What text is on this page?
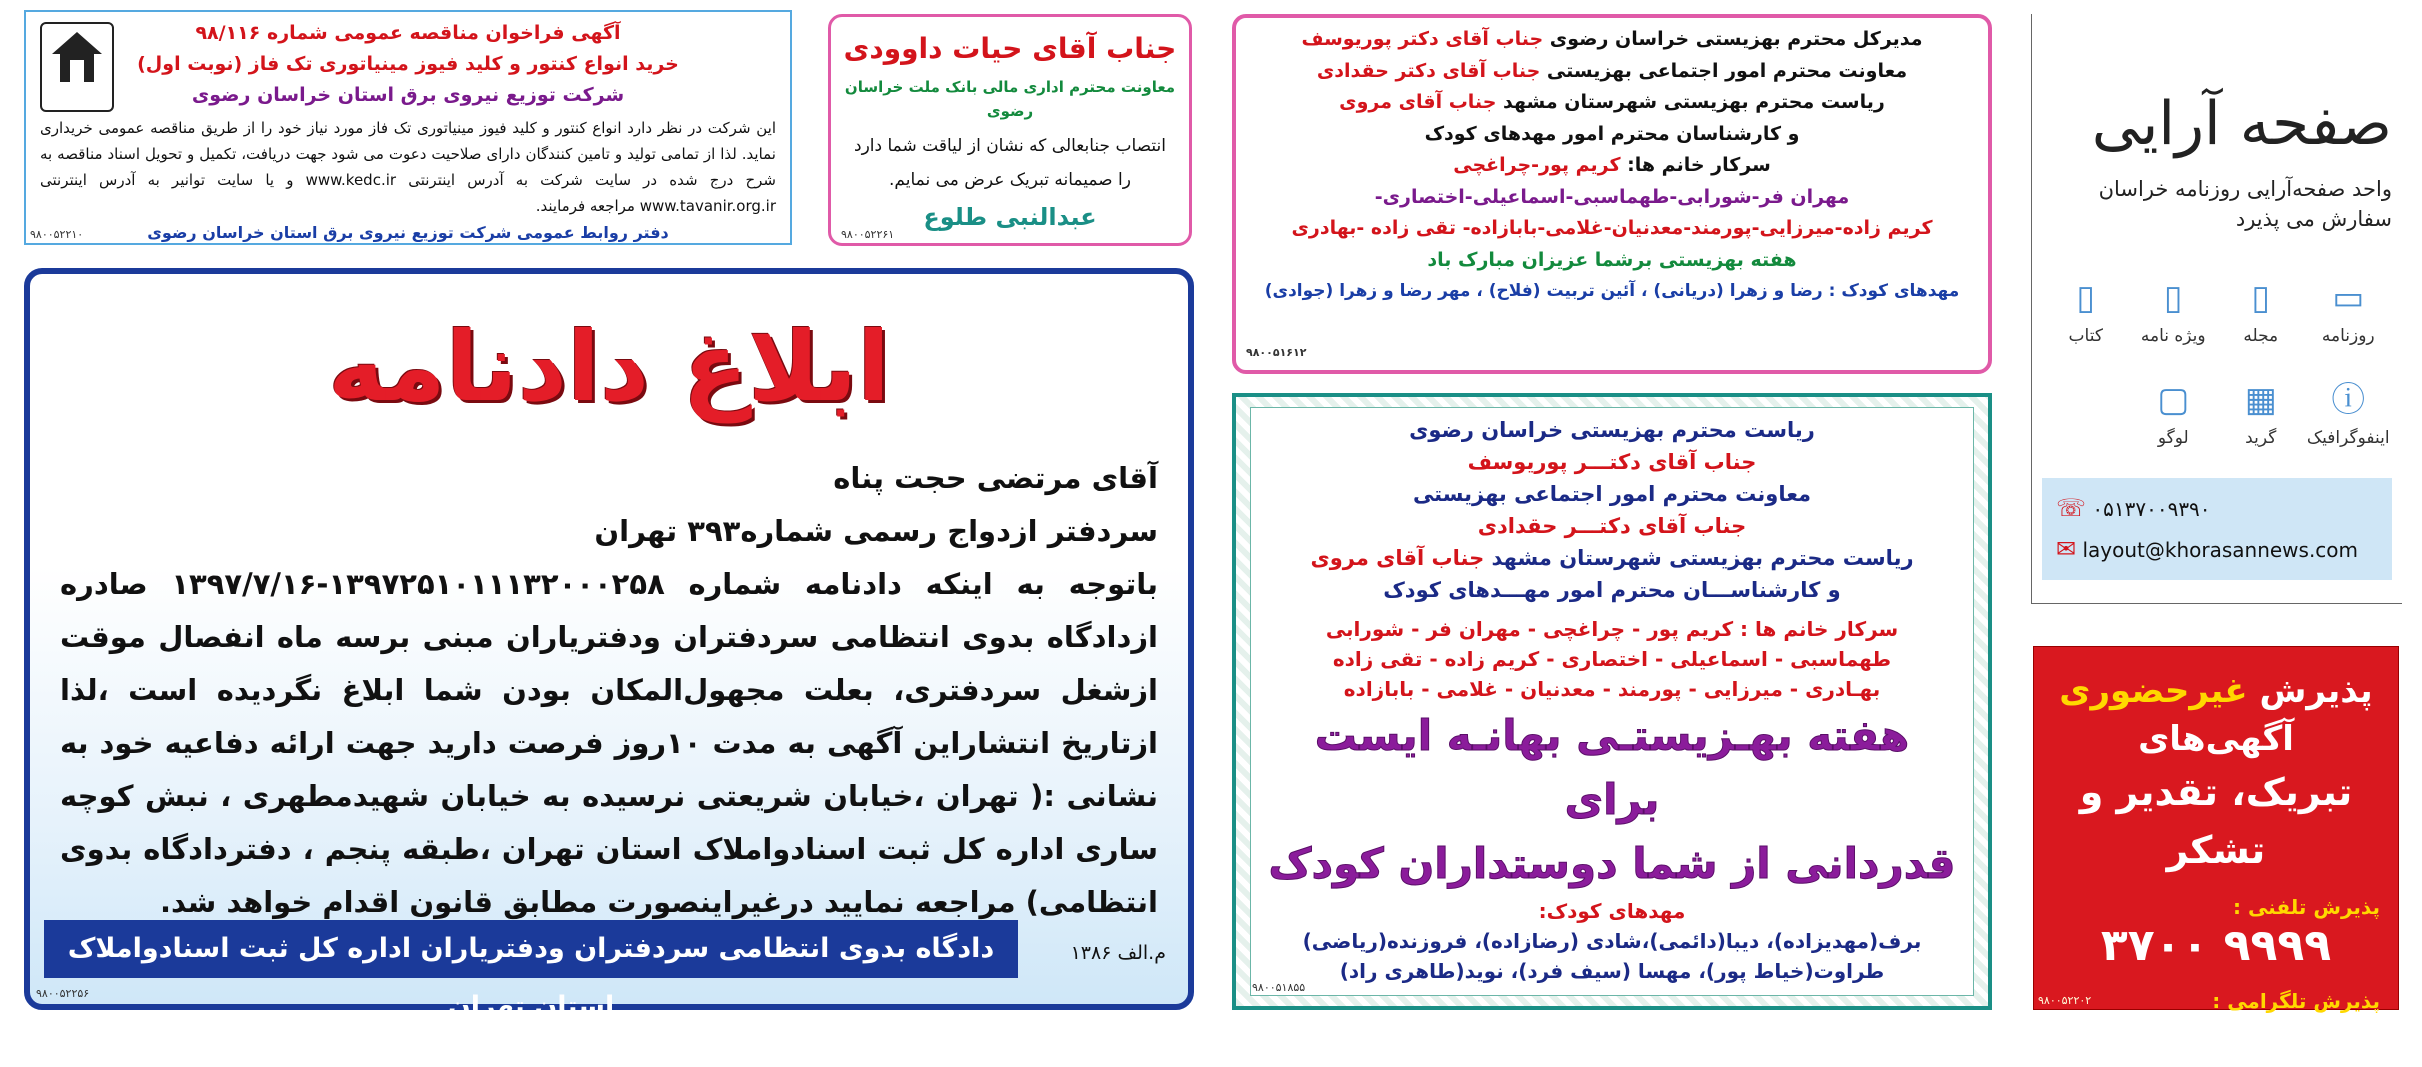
آگهی فراخوان مناقصه عمومی شماره ۹۸/۱۱۶
خرید انواع کنتور و کلید فیوز مینیاتوری تک فاز (نوبت اول)
شرکت توزیع نیروی برق استان خراسان رضوی

این شرکت در نظر دارد انواع کنتور و کلید فیوز مینیاتوری تک فاز مورد نیاز خود را از طریق مناقصه عمومی خریداری نماید. لذا از تمامی تولید و تامین کنندگان دارای صلاحیت دعوت می شود جهت دریافت، تکمیل و تحویل اسناد مناقصه به شرح درج شده در سایت شرکت به آدرس اینترنتی www.kedc.ir و یا سایت توانیر به آدرس اینترنتی www.tavanir.org.ir مراجعه فرمایند.

دفتر روابط عمومی شرکت توزیع نیروی برق استان خراسان رضوی
۹۸۰۰۵۲۲۱۰
جناب آقای حیات داوودی
معاونت محترم اداری مالی بانک ملت خراسان رضوی
انتصاب جنابعالی که نشان از لیاقت شما دارد
را صمیمانه تبریک عرض می نمایم.
عبدالنبی طلوع
۹۸۰۰۵۲۲۶۱
مدیرکل محترم بهزیستی خراسان رضوی جناب آقای دکتر پوریوسف
معاونت محترم امور اجتماعی بهزیستی جناب آقای دکتر حقدادی
ریاست محترم بهزیستی شهرستان مشهد جناب آقای مروی
و کارشناسان محترم امور مهدهای کودک
سرکار خانم ها: کریم پور-چراغچی
مهران فر-شورابی-طهماسبی-اسماعیلی-اختصاری-
کریم زاده-میرزایی-پورمند-معدنیان-غلامی-بابازاده- تقی زاده -بهادری
هفته بهزیستی برشما عزیزان مبارک باد
مهدهای کودک : رضا و زهرا (دریانی) ، آئین تربیت (فلاح) ، مهر رضا و زهرا (جوادی)
۹۸۰۰۵۱۶۱۲
صفحه آرایی
واحد صفحه‌آرایی روزنامه خراسان
سفارش می پذیرد
▭
روزنامه
▯
مجله
▯
ویژه نامه
▯
کتاب
ⓘ
اینفوگرافیک
▦
گرید
▢
لوگو
☏ ۰۵۱۳۷۰۰۹۳۹۰
✉ layout@khorasannews.com
پذیرش غیرحضوری آگهی‌های
تبریک، تقدیر و تشکر
پذیرش تلفنی :
۳۷۰۰ ۹۹۹۹
پذیرش تلگرامی :
۰۹۱۵۴۷۱۱۳۰۰
۹۸۰۰۵۲۲۰۲
ابلاغ دادنامه
آقای مرتضی حجت پناه
سردفتر ازدواج رسمی شماره۳۹۳ تهران
باتوجه به اینکه دادنامه شماره ۱۳۹۷۲۵۱۰۱۱۱۳۲۰۰۰۲۵۸-۱۳۹۷/۷/۱۶ صادره ازدادگاه بدوی انتظامی سردفتران ودفتریاران مبنی برسه ماه انفصال موقت ازشغل سردفتری، بعلت مجهول‌المکان بودن شما ابلاغ نگردیده است ،لذا ازتاریخ انتشاراین آگهی به مدت ۱۰روز فرصت دارید جهت ارائه دفاعیه خود به نشانی :( تهران ،خیابان شریعتی نرسیده به خیابان شهیدمطهری ، نبش کوچه ساری اداره کل ثبت اسنادواملاک استان تهران ،طبقه پنجم ، دفتردادگاه بدوی انتظامی) مراجعه نمایید درغیراینصورت مطابق قانون اقدام خواهد شد.
دادگاه بدوی انتظامی سردفتران ودفتریاران اداره کل ثبت اسنادواملاک استان تهران
م.الف ۱۳۸۶
۹۸۰۰۵۲۲۵۶
ریاست محترم بهزیستی خراسان رضوی
جناب آقای دکتـــر پوریوسف
معاونت محترم امور اجتماعی بهزیستی
جناب آقای دکتـــر حقدادی
ریاست محترم بهزیستی شهرستان مشهد جناب آقای مروی
و کارشناســـان محترم امور مهـــدهای کودک
سرکار خانم ها : کریم پور - چراغچی - مهران فر - شورابی
طهماسبی - اسماعیلی - اختصاری - کریم زاده - تقی زاده
بهـادری - میرزایی - پورمند - معدنیان - غلامی - بابازاده
هفته بهـزیستـی بهانـه ایست برای
قدردانی از شما دوستداران کودک
مهدهای کودک:
برف(مهدیزاده)، دیبا(دائمی)،شادی (رضازاده)، فروزنده(ریاضی)
طراوت(خیاط پور)، مهسا (سیف فرد)، نوید(طاهری راد)
۹۸۰۰۵۱۸۵۵
